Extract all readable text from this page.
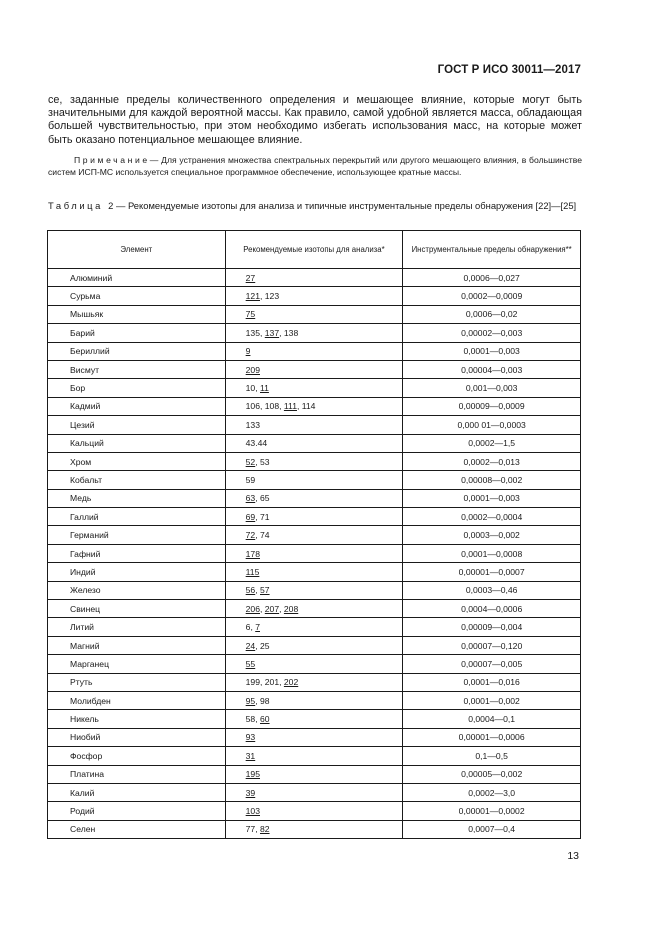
ГОСТ Р ИСО 30011—2017
се, заданные пределы количественного определения и мешающее влияние, которые могут быть значительными для каждой вероятной массы. Как правило, самой удобной является масса, обладающая большей чувствительностью, при этом необходимо избегать использования масс, на которые может быть оказано потенциальное мешающее влияние.
Примечание— Для устранения множества спектральных перекрытий или другого мешающего влияния, в большинстве систем ИСП-МС используется специальное программное обеспечение, использующее кратные массы.
Таблица 2— Рекомендуемые изотопы для анализа и типичные инструментальные пределы обнаружения [22]—[25]
Элемент	Рекомендуемые изотопы для анализа*	Инструментальные пределы обнаружения**
Алюминий	27	0,0006—0,027
Сурьма	121, 123	0,0002—0,0009
Мышьяк	75	0,0006—0,02
Барий	135, 137, 138	0,00002—0,003
Бериллий	9	0,0001—0,003
Висмут	209	0,00004—0,003
Бор	10, 11	0,001—0,003
Кадмий	106, 108, 111, 114	0,00009—0,0009
Цезий	133	0,000 01—0,0003
Кальций	43.44	0,0002—1,5
Хром	52, 53	0,0002—0,013
Кобальт	59	0,00008—0,002
Медь	63, 65	0,0001—0,003
Галлий	69, 71	0,0002—0,0004
Германий	72, 74	0,0003—0,002
Гафний	178	0,0001—0,0008
Индий	115	0,00001—0,0007
Железо	56, 57	0,0003—0,46
Свинец	206, 207, 208	0,0004—0,0006
Литий	6, 7	0,00009—0,004
Магний	24, 25	0,00007—0,120
Марганец	55	0,00007—0,005
Ртуть	199, 201, 202	0,0001—0,016
Молибден	95, 98	0,0001—0,002
Никель	58, 60	0,0004—0,1
Ниобий	93	0,00001—0,0006
Фосфор	31	0,1—0,5
Платина	195	0,00005—0,002
Калий	39	0,0002—3,0
Родий	103	0,00001—0,0002
Селен	77, 82	0,0007—0,4
13
